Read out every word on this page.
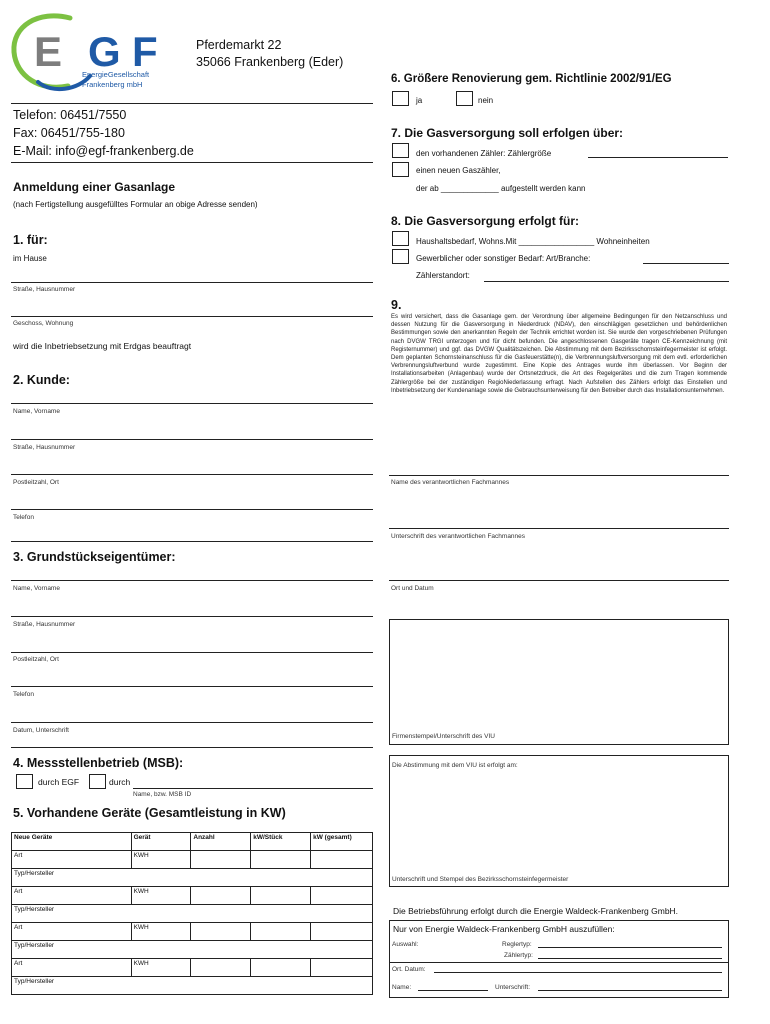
E G F
EnergieGesellschaft
Frankenberg mbH
Pferdemarkt 22
35066 Frankenberg (Eder)
Telefon: 06451/7550
Fax: 06451/755-180
E-Mail: info@egf-frankenberg.de
Anmeldung einer Gasanlage
(nach Fertigstellung ausgefülltes Formular an obige Adresse senden)
1. für:
im Hause
Straße, Hausnummer
Geschoss, Wohnung
wird die Inbetriebsetzung mit Erdgas beauftragt
2. Kunde:
Name, Vorname
Straße, Hausnummer
Postleitzahl, Ort
Telefon
3. Grundstückseigentümer:
Name, Vorname
Straße, Hausnummer
Postleitzahl, Ort
Telefon
Datum, Unterschrift
4. Messstellenbetrieb (MSB):
durch EGF	durch
Name, bzw. MSB ID
5. Vorhandene Geräte (Gesamtleistung in KW)
Neue Geräte	Gerät	Anzahl	kW/Stück	kW (gesamt)
Art	KWH			
Typ/Hersteller				
Art	KWH			
Typ/Hersteller				
Art	KWH			
Typ/Hersteller				
Art	KWH			
Typ/Hersteller				
6. Größere Renovierung gem. Richtlinie 2002/91/EG
ja	nein
7. Die Gasversorgung soll erfolgen über:
den vorhandenen Zähler: Zählergröße
einen neuen Gaszähler,
der ab _____________ aufgestellt werden kann
8. Die Gasversorgung erfolgt für:
Haushaltsbedarf, Wohns.Mit _________________ Wohneinheiten
Gewerblicher oder sonstiger Bedarf: Art/Branche:
Zählerstandort:
9.
Es wird versichert, dass die Gasanlage gem. der Verordnung über allgemeine Bedingungen für den Netzanschluss und dessen Nutzung für die Gasversorgung in Niederdruck (NDAV), den einschlägigen gesetzlichen und behördenlichen Bestimmungen sowie den anerkannten Regeln der Technik errichtet worden ist. Sie wurde den vorgeschriebenen Prüfungen nach DVGW TRGI unterzogen und für dicht befunden. Die angeschlossenen Gasgeräte tragen CE-Kennzeichnung (mit Registernummer) und ggf. das DVGW Qualitätszeichen. Die Abstimmung mit dem Bezirksschornsteinfegermeister ist erfolgt. Dem geplanten Schornsteinanschluss für die Gasfeuerstätte(n), die Verbrennungsluftversorgung mit dem evtl. erforderlichen Verbrennungsluftverbund wurde zugestimmt. Eine Kopie des Antrages wurde ihm überlassen. Vor Beginn der Installationsarbeiten (Anlagenbau) wurde der Ortsnetzdruck, die Art des Regelgerätes und die zum Tragen kommende Zählergröße bei der zuständigen RegioNiederlassung erfragt. Nach Aufstellen des Zählers erfolgt das Einstellen und Inbetriebsetzung der Kundenanlage sowie die Gebrauchsunterweisung für den Betreiber durch das Installationsunternehmen.
Name des verantwortlichen Fachmannes
Unterschrift des verantwortlichen Fachmannes
Ort und Datum
Firmenstempel/Unterschrift des VIU
Die Abstimmung mit dem VIU ist erfolgt am:
Unterschrift und Stempel des Bezirksschornsteinfegermeister
Die Betriebsführung erfolgt durch die Energie Waldeck-Frankenberg GmbH.
Nur von Energie Waldeck-Frankenberg GmbH auszufüllen:
Auswahl:	Reglertyp:
Zählertyp:
Ort. Datum:
Name:	Unterschrift:
